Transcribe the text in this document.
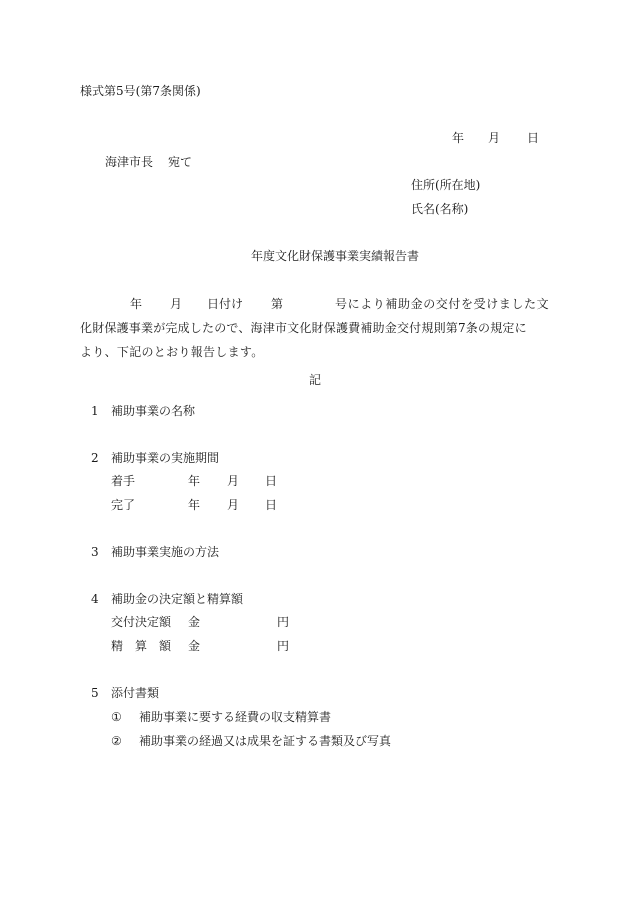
様式第5号(第7条関係)
年 月 日
海津市長 宛て
住所(所在地)
氏名(名称)
年度文化財保護事業実績報告書
年 月 日付け 第	号により補助金の交付を受けました文
化財保護事業が完成したので、海津市文化財保護費補助金交付規則第7条の規定に
より、下記のとおり報告します。
記
1 補助事業の名称
2 補助事業の実施期間
着手	年 月 日
完了	年 月 日
3 補助事業実施の方法
4 補助金の決定額と精算額
交付決定額 金	円
精　算　額 金	円
5 添付書類
① 補助事業に要する経費の収支精算書
② 補助事業の経過又は成果を証する書類及び写真
